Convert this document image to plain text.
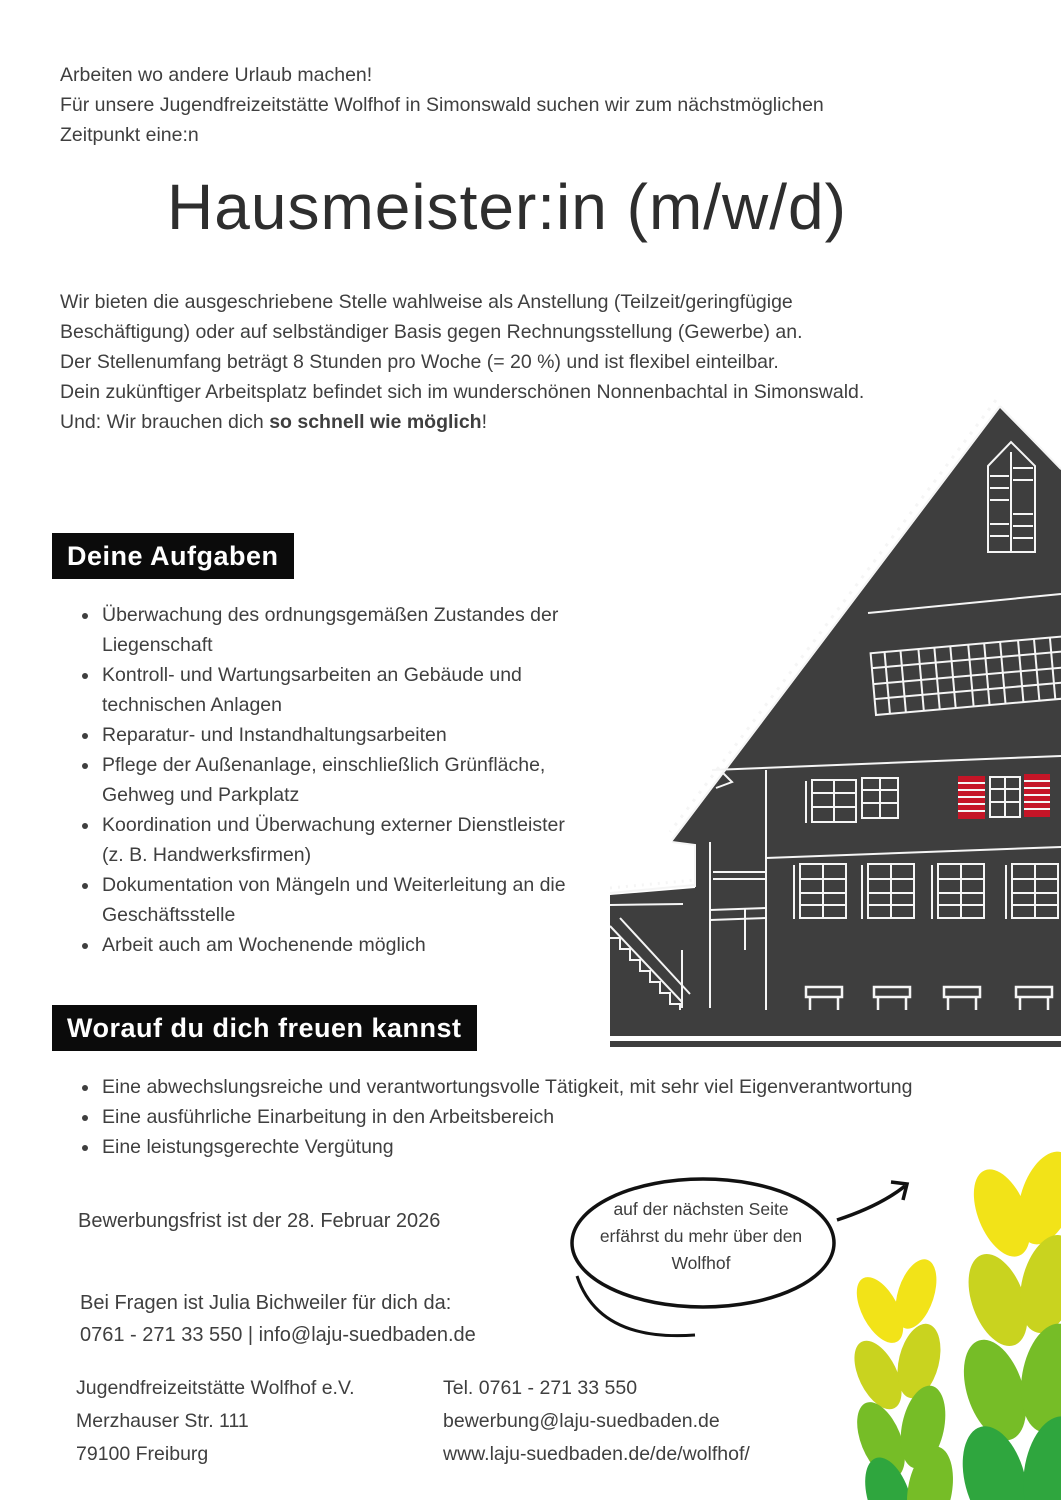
Arbeiten wo andere Urlaub machen!
Für unsere Jugendfreizeitstätte Wolfhof in Simonswald suchen wir zum nächstmöglichen
Zeitpunkt eine:n
Hausmeister:in (m/w/d)
Wir bieten die ausgeschriebene Stelle wahlweise als Anstellung (Teilzeit/geringfügige
Beschäftigung) oder auf selbständiger Basis gegen Rechnungsstellung (Gewerbe) an.
Der Stellenumfang beträgt 8 Stunden pro Woche (= 20 %) und ist flexibel einteilbar.
Dein zukünftiger Arbeitsplatz befindet sich im wunderschönen Nonnenbachtal in Simonswald.
Und: Wir brauchen dich so schnell wie möglich!
Deine Aufgaben
• Überwachung des ordnungsgemäßen Zustandes der Liegenschaft
• Kontroll- und Wartungsarbeiten an Gebäude und technischen Anlagen
• Reparatur- und Instandhaltungsarbeiten
• Pflege der Außenanlage, einschließlich Grünfläche, Gehweg und Parkplatz
• Koordination und Überwachung externer Dienstleister (z. B. Handwerksfirmen)
• Dokumentation von Mängeln und Weiterleitung an die Geschäftsstelle
• Arbeit auch am Wochenende möglich
Worauf du dich freuen kannst
• Eine abwechslungsreiche und verantwortungsvolle Tätigkeit, mit sehr viel Eigenverantwortung
• Eine ausführliche Einarbeitung in den Arbeitsbereich
• Eine leistungsgerechte Vergütung
Bewerbungsfrist ist der 28. Februar 2026
auf der nächsten Seite
erfährst du mehr über den
Wolfhof
Bei Fragen ist Julia Bichweiler für dich da:
0761 - 271 33 550 | info@laju-suedbaden.de
Jugendfreizeitstätte Wolfhof e.V.
Merzhauser Str. 111
79100 Freiburg
Tel. 0761 - 271 33 550
bewerbung@laju-suedbaden.de
www.laju-suedbaden.de/de/wolfhof/
